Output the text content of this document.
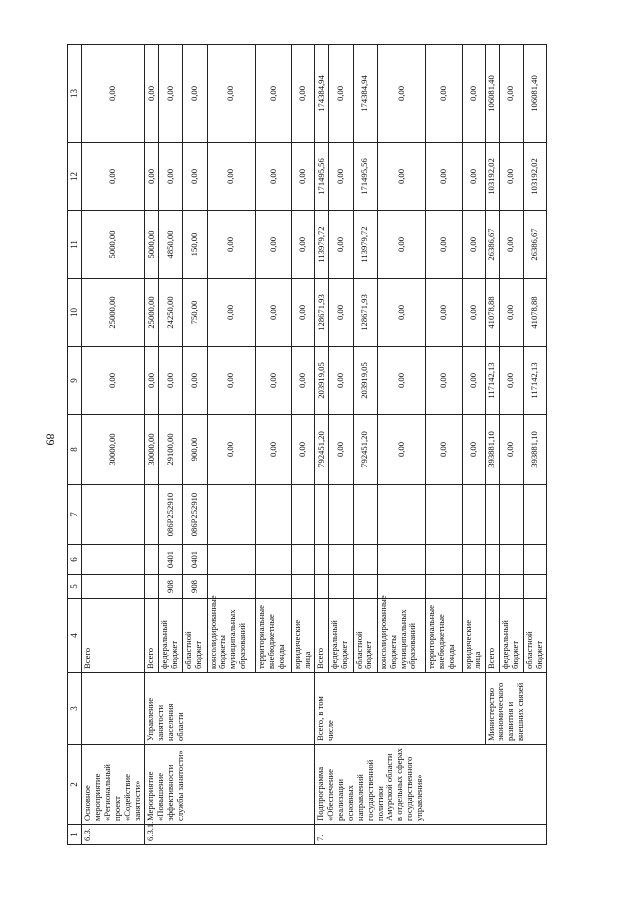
89
1	2	3	4	5	6	7	8	9	10	11	12	13
6.3.	Основное мероприятие «Региональный проект «Содействие занятости»		Всего				30000,00	0,00	25000,00	5000,00	0,00	0,00
6.3.1.	Мероприятие «Повышение эффективности службы занятости»	Управление занятости населения области	Всего				30000,00	0,00	25000,00	5000,00	0,00	0,00
			федеральный бюджет	908	0401	086Р252910	29100,00	0,00	24250,00	4850,00	0,00	0,00
			областной бюджет	908	0401	086Р252910	900,00	0,00	750,00	150,00	0,00	0,00
			консолидированные бюджеты муниципальных образований				0,00	0,00	0,00	0,00	0,00	0,00
			территориальные внебюджетные фонды				0,00	0,00	0,00	0,00	0,00	0,00
			юридические лица				0,00	0,00	0,00	0,00	0,00	0,00
7.	Подпрограмма «Обеспечение реализации основных направлений государственной политики Амурской области в отдельных сферах государственного управления»	Всего, в том числе	Всего				792451,20	203919,05	128671,93	113979,72	171495,56	174384,94
			федеральный бюджет				0,00	0,00	0,00	0,00	0,00	0,00
			областной бюджет				792451,20	203919,05	128671,93	113979,72	171495,56	174384,94
			консолидированные бюджеты муниципальных образований				0,00	0,00	0,00	0,00	0,00	0,00
			территориальные внебюджетные фонды				0,00	0,00	0,00	0,00	0,00	0,00
			юридические лица				0,00	0,00	0,00	0,00	0,00	0,00
		Министерство экономического развития и внешних связей	Всего				393881,10	117142,13	41078,88	26386,67	103192,02	106081,40
			федеральный бюджет				0,00	0,00	0,00	0,00	0,00	0,00
			областной бюджет				393881,10	117142,13	41078,88	26386,67	103192,02	106081,40
